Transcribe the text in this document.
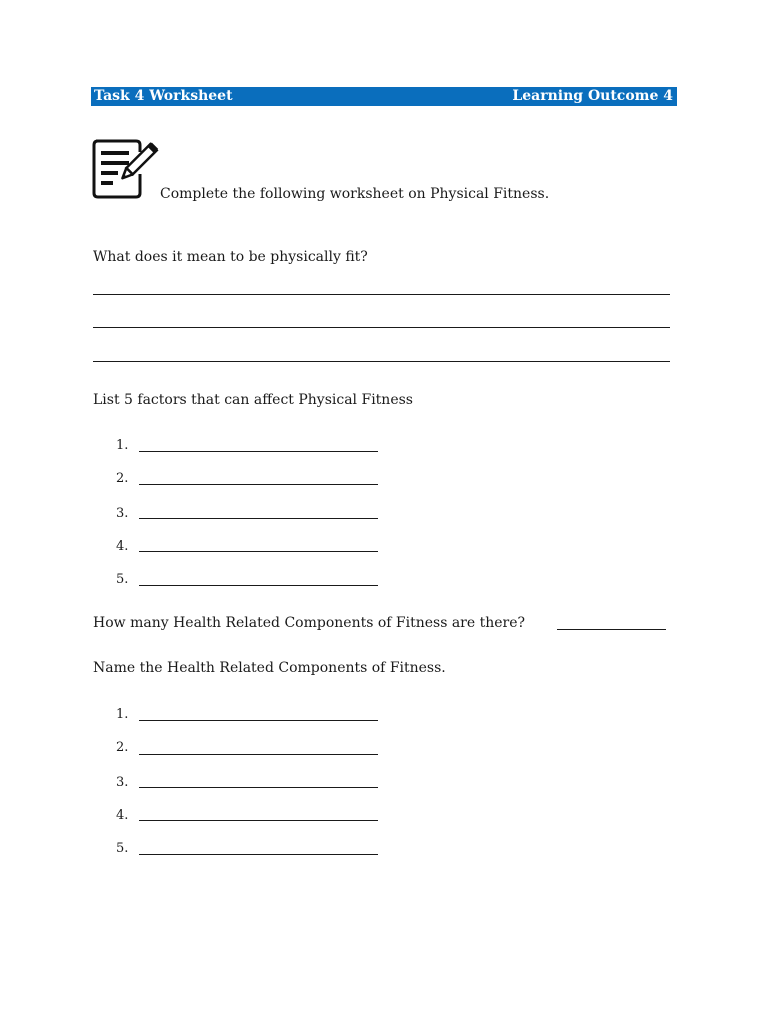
Task 4 Worksheet	Learning Outcome 4
Complete the following worksheet on Physical Fitness.
What does it mean to be physically fit?
List 5 factors that can affect Physical Fitness
1.
2.
3.
4.
5.
How many Health Related Components of Fitness are there?
Name the Health Related Components of Fitness.
1.
2.
3.
4.
5.
